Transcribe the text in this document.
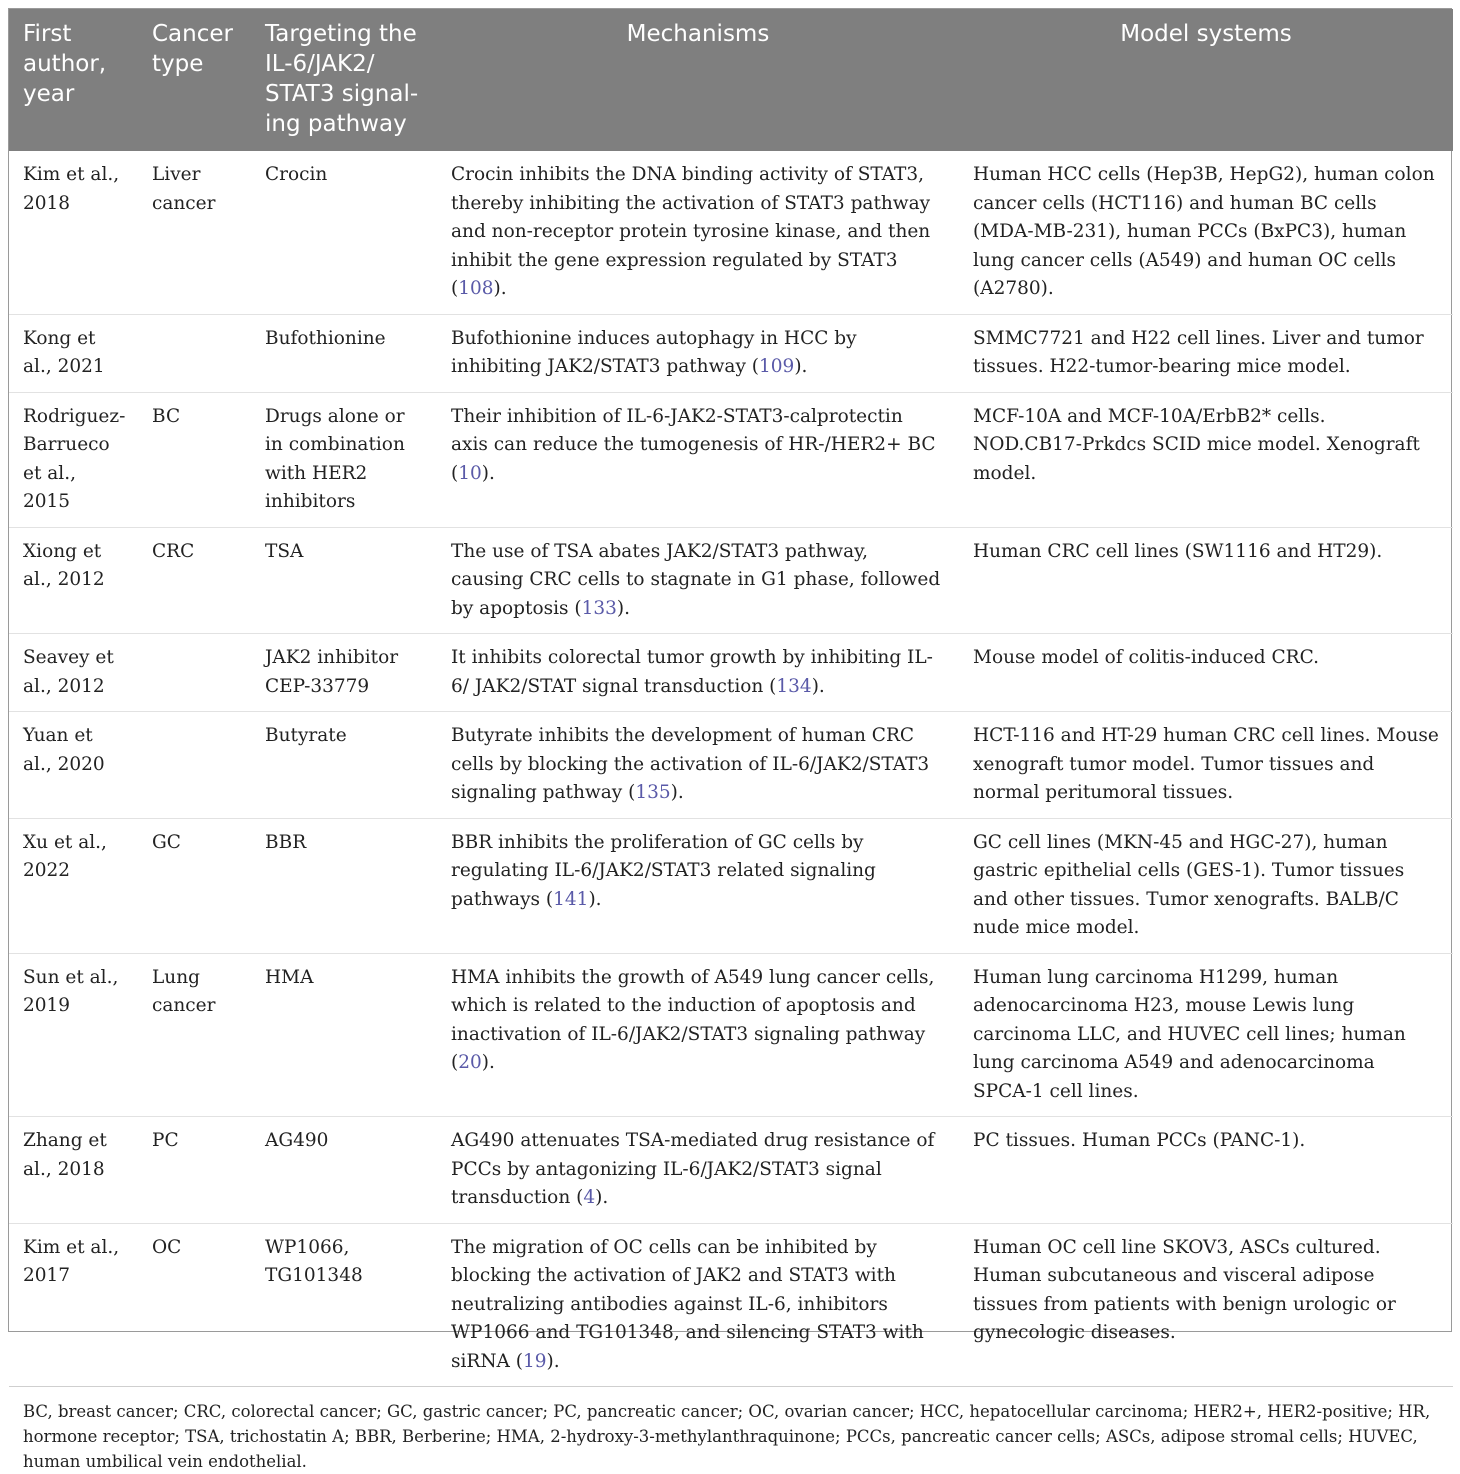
First author, year	Cancer type	Targeting the IL-6/JAK2/ STAT3 signal-ing pathway	Mechanisms	Model systems
Kim et al., 2018	Liver cancer	Crocin	Crocin inhibits the DNA binding activity of STAT3, thereby inhibiting the activation of STAT3 pathway and non-receptor protein tyrosine kinase, and then inhibit the gene expression regulated by STAT3 (108).	Human HCC cells (Hep3B, HepG2), human colon cancer cells (HCT116) and human BC cells (MDA-MB-231), human PCCs (BxPC3), human lung cancer cells (A549) and human OC cells (A2780).
Kong et al., 2021		Bufothionine	Bufothionine induces autophagy in HCC by inhibiting JAK2/STAT3 pathway (109).	SMMC7721 and H22 cell lines. Liver and tumor tissues. H22-tumor-bearing mice model.
Rodriguez-Barrueco et al., 2015	BC	Drugs alone or in combination with HER2 inhibitors	Their inhibition of IL-6-JAK2-STAT3-calprotectin axis can reduce the tumogenesis of HR-/HER2+ BC (10).	MCF-10A and MCF-10A/ErbB2* cells. NOD.CB17-Prkdcs SCID mice model. Xenograft model.
Xiong et al., 2012	CRC	TSA	The use of TSA abates JAK2/STAT3 pathway, causing CRC cells to stagnate in G1 phase, followed by apoptosis (133).	Human CRC cell lines (SW1116 and HT29).
Seavey et al., 2012		JAK2 inhibitor CEP-33779	It inhibits colorectal tumor growth by inhibiting IL-6/ JAK2/STAT signal transduction (134).	Mouse model of colitis-induced CRC.
Yuan et al., 2020		Butyrate	Butyrate inhibits the development of human CRC cells by blocking the activation of IL-6/JAK2/STAT3 signaling pathway (135).	HCT-116 and HT-29 human CRC cell lines. Mouse xenograft tumor model. Tumor tissues and normal peritumoral tissues.
Xu et al., 2022	GC	BBR	BBR inhibits the proliferation of GC cells by regulating IL-6/JAK2/STAT3 related signaling pathways (141).	GC cell lines (MKN-45 and HGC-27), human gastric epithelial cells (GES-1). Tumor tissues and other tissues. Tumor xenografts. BALB/C nude mice model.
Sun et al., 2019	Lung cancer	HMA	HMA inhibits the growth of A549 lung cancer cells, which is related to the induction of apoptosis and inactivation of IL-6/JAK2/STAT3 signaling pathway (20).	Human lung carcinoma H1299, human adenocarcinoma H23, mouse Lewis lung carcinoma LLC, and HUVEC cell lines; human lung carcinoma A549 and adenocarcinoma SPCA-1 cell lines.
Zhang et al., 2018	PC	AG490	AG490 attenuates TSA-mediated drug resistance of PCCs by antagonizing IL-6/JAK2/STAT3 signal transduction (4).	PC tissues. Human PCCs (PANC-1).
Kim et al., 2017	OC	WP1066, TG101348	The migration of OC cells can be inhibited by blocking the activation of JAK2 and STAT3 with neutralizing antibodies against IL-6, inhibitors WP1066 and TG101348, and silencing STAT3 with siRNA (19).	Human OC cell line SKOV3, ASCs cultured. Human subcutaneous and visceral adipose tissues from patients with benign urologic or gynecologic diseases.
BC, breast cancer; CRC, colorectal cancer; GC, gastric cancer; PC, pancreatic cancer; OC, ovarian cancer; HCC, hepatocellular carcinoma; HER2+, HER2-positive; HR, hormone receptor; TSA, trichostatin A; BBR, Berberine; HMA, 2-hydroxy-3-methylanthraquinone; PCCs, pancreatic cancer cells; ASCs, adipose stromal cells; HUVEC, human umbilical vein endothelial.
